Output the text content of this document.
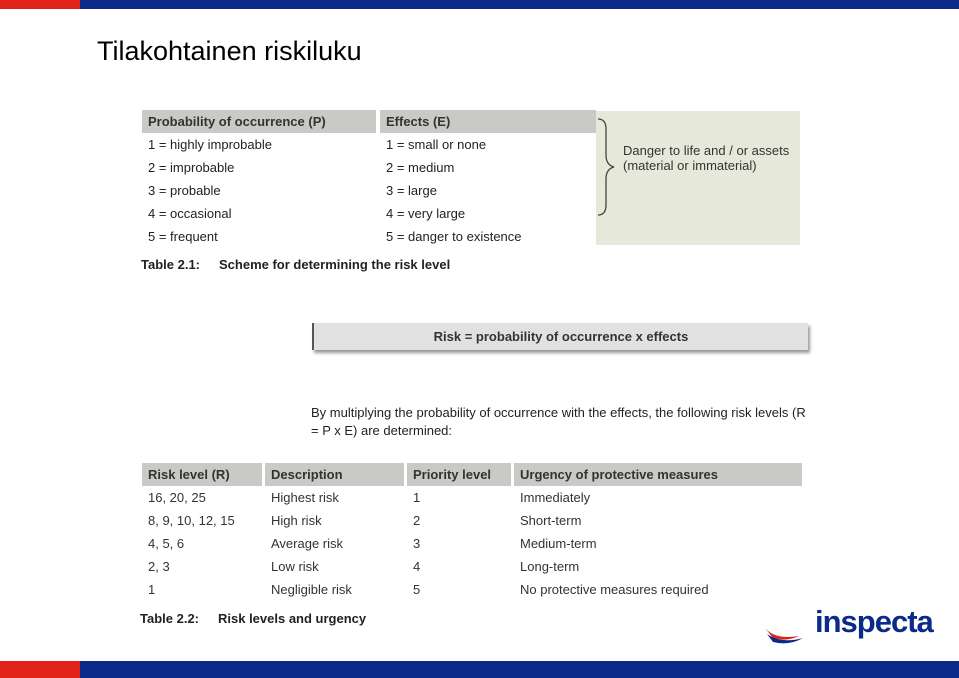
Tilakohtainen riskiluku
Probability of occurrence (P)		Effects (E)
1 = highly improbable		1 = small or none
2 = improbable		2 = medium
3 = probable		3 = large
4 = occasional		4 = very large
5 = frequent		5 = danger to existence
Danger to life and / or assets
(material or immaterial)
Table 2.1: Scheme for determining the risk level
Risk = probability of occurrence x effects
By multiplying the probability of occurrence with the effects, the following risk levels (R = P x E) are determined:
Risk level (R)		Description		Priority level		Urgency of protective measures
16, 20, 25		Highest risk		1		Immediately
8, 9, 10, 12, 15		High risk		2		Short-term
4, 5, 6		Average risk		3		Medium-term
2, 3		Low risk		4		Long-term
1		Negligible risk		5		No protective measures required
Table 2.2: Risk levels and urgency	inspecta
